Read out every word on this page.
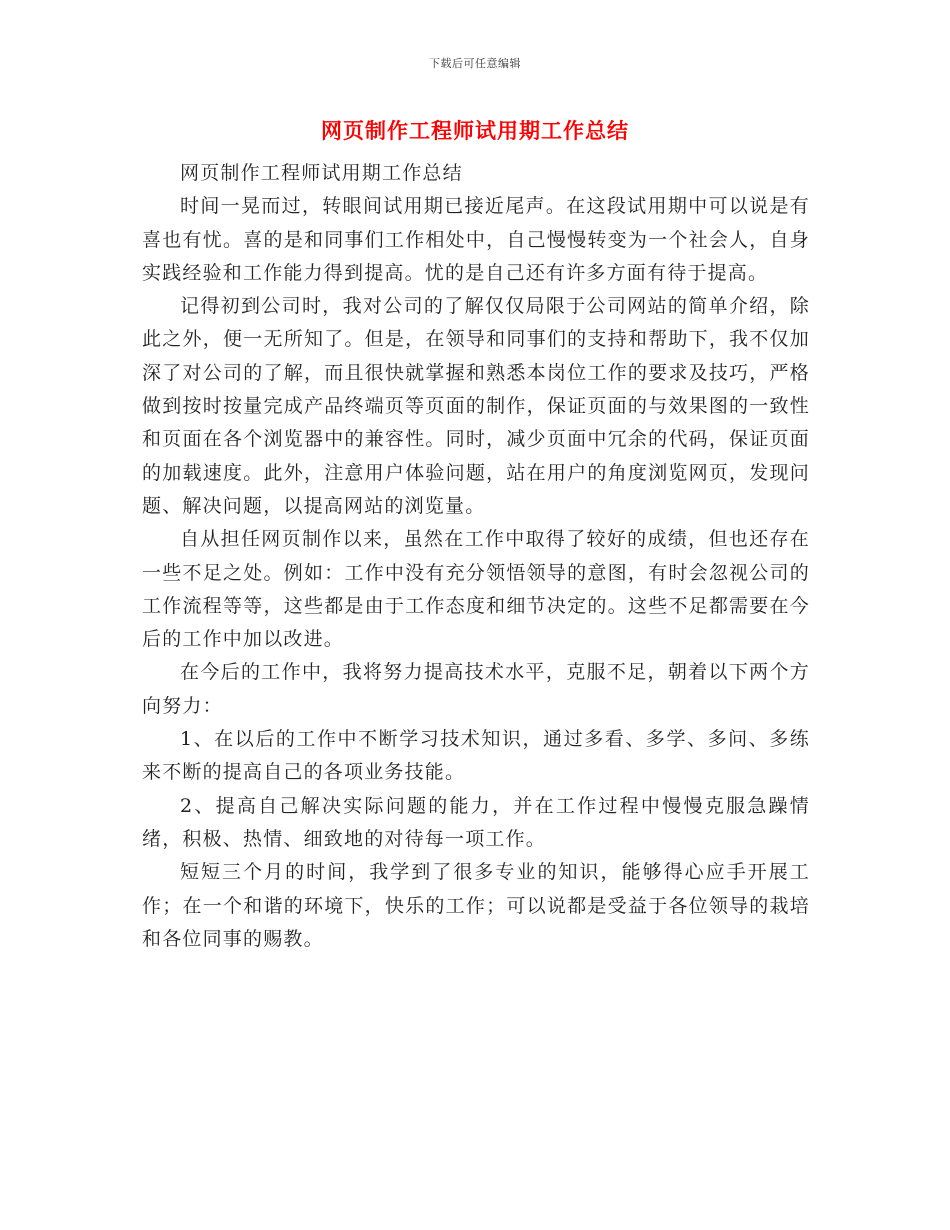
下载后可任意编辑
网页制作工程师试用期工作总结

网页制作工程师试用期工作总结

时间一晃而过，转眼间试用期已接近尾声。在这段试用期中可以说是有喜也有忧。喜的是和同事们工作相处中，自己慢慢转变为一个社会人，自身实践经验和工作能力得到提高。忧的是自己还有许多方面有待于提高。

记得初到公司时，我对公司的了解仅仅局限于公司网站的简单介绍，除此之外，便一无所知了。但是，在领导和同事们的支持和帮助下，我不仅加深了对公司的了解，而且很快就掌握和熟悉本岗位工作的要求及技巧，严格做到按时按量完成产品终端页等页面的制作，保证页面的与效果图的一致性和页面在各个浏览器中的兼容性。同时，减少页面中冗余的代码，保证页面的加载速度。此外，注意用户体验问题，站在用户的角度浏览网页，发现问题、解决问题，以提高网站的浏览量。

自从担任网页制作以来，虽然在工作中取得了较好的成绩，但也还存在一些不足之处。例如：工作中没有充分领悟领导的意图，有时会忽视公司的工作流程等等，这些都是由于工作态度和细节决定的。这些不足都需要在今后的工作中加以改进。

在今后的工作中，我将努力提高技术水平，克服不足，朝着以下两个方向努力：

1、在以后的工作中不断学习技术知识，通过多看、多学、多问、多练来不断的提高自己的各项业务技能。

2、提高自己解决实际问题的能力，并在工作过程中慢慢克服急躁情绪，积极、热情、细致地的对待每一项工作。

短短三个月的时间，我学到了很多专业的知识，能够得心应手开展工作；在一个和谐的环境下，快乐的工作；可以说都是受益于各位领导的栽培和各位同事的赐教。
